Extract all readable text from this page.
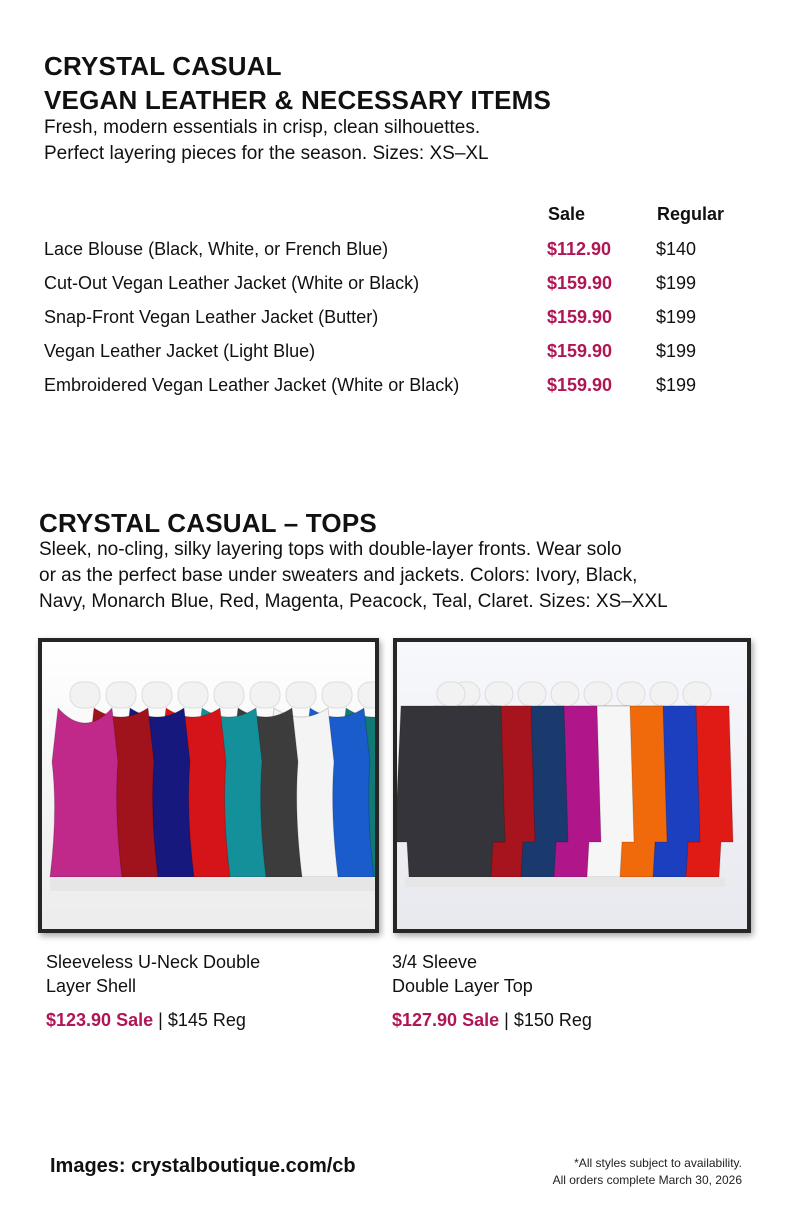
CRYSTAL CASUAL
VEGAN LEATHER & NECESSARY ITEMS
Fresh, modern essentials in crisp, clean silhouettes.
Perfect layering pieces for the season. Sizes: XS–XL
Sale	Regular
Lace Blouse (Black, White, or French Blue)	$112.90 $140
Cut-Out Vegan Leather Jacket (White or Black)	$159.90 $199
Snap-Front Vegan Leather Jacket (Butter)	$159.90 $199
Vegan Leather Jacket (Light Blue)	$159.90 $199
Embroidered Vegan Leather Jacket (White or Black)	$159.90 $199
CRYSTAL CASUAL – TOPS
Sleek, no-cling, silky layering tops with double-layer fronts. Wear solo
or as the perfect base under sweaters and jackets. Colors: Ivory, Black,
Navy, Monarch Blue, Red, Magenta, Peacock, Teal, Claret. Sizes: XS–XXL
Sleeveless U-Neck Double
Layer Shell
$123.90 Sale | $145 Reg
3/4 Sleeve
Double Layer Top
$127.90 Sale | $150 Reg
Images: crystalboutique.com/cb	*All styles subject to availability.
All orders complete March 30, 2026
